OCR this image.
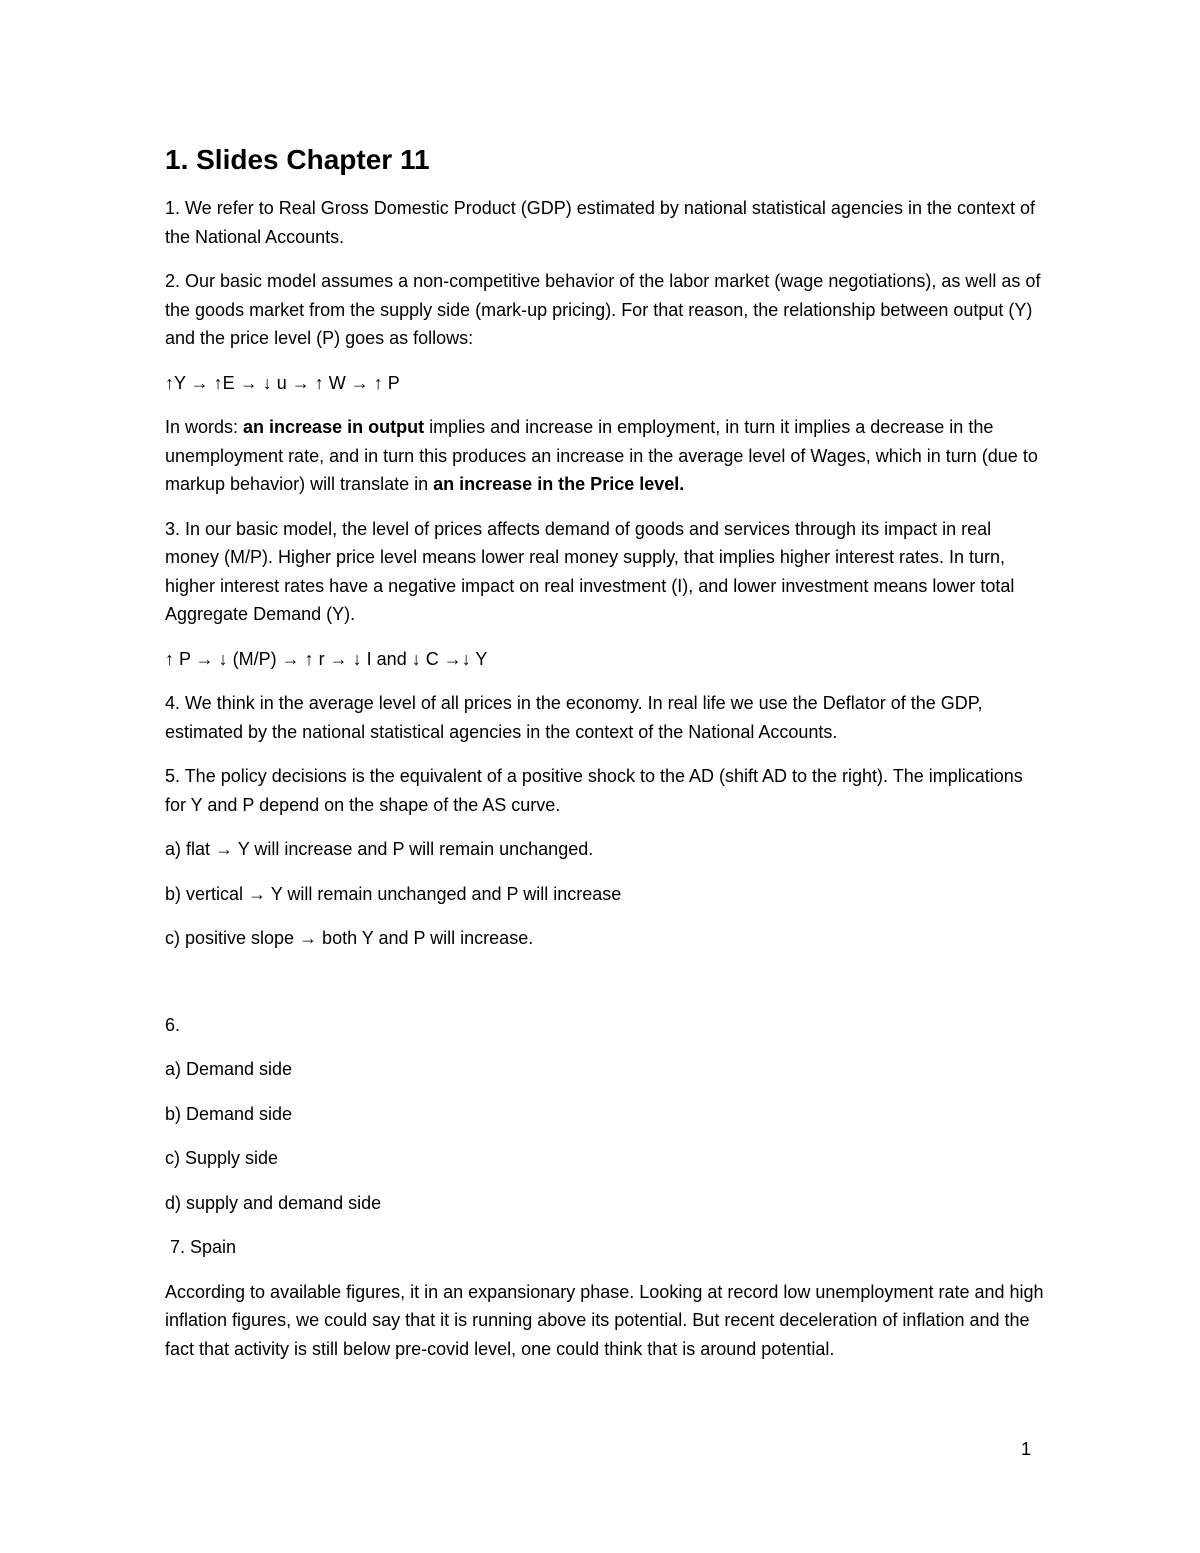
1. Slides Chapter 11

1. We refer to Real Gross Domestic Product (GDP) estimated by national statistical agencies in the context of the National Accounts.

2. Our basic model assumes a non-competitive behavior of the labor market (wage negotiations), as well as of the goods market from the supply side (mark-up pricing). For that reason, the relationship between output (Y) and the price level (P) goes as follows:

↑Y → ↑E → ↓ u → ↑ W → ↑ P

In words: an increase in output implies and increase in employment, in turn it implies a decrease in the unemployment rate, and in turn this produces an increase in the average level of Wages, which in turn (due to markup behavior) will translate in an increase in the Price level.

3. In our basic model, the level of prices affects demand of goods and services through its impact in real money (M/P). Higher price level means lower real money supply, that implies higher interest rates. In turn, higher interest rates have a negative impact on real investment (I), and lower investment means lower total Aggregate Demand (Y).

↑ P → ↓ (M/P) → ↑ r → ↓ I and ↓ C →↓ Y

4. We think in the average level of all prices in the economy. In real life we use the Deflator of the GDP, estimated by the national statistical agencies in the context of the National Accounts.

5. The policy decisions is the equivalent of a positive shock to the AD (shift AD to the right). The implications for Y and P depend on the shape of the AS curve.

a) flat → Y will increase and P will remain unchanged.

b) vertical → Y will remain unchanged and P will increase

c) positive slope → both Y and P will increase.

6.

a) Demand side

b) Demand side

c) Supply side

d) supply and demand side

7. Spain

According to available figures, it in an expansionary phase. Looking at record low unemployment rate and high inflation figures, we could say that it is running above its potential. But recent deceleration of inflation and the fact that activity is still below pre-covid level, one could think that is around potential.

1
